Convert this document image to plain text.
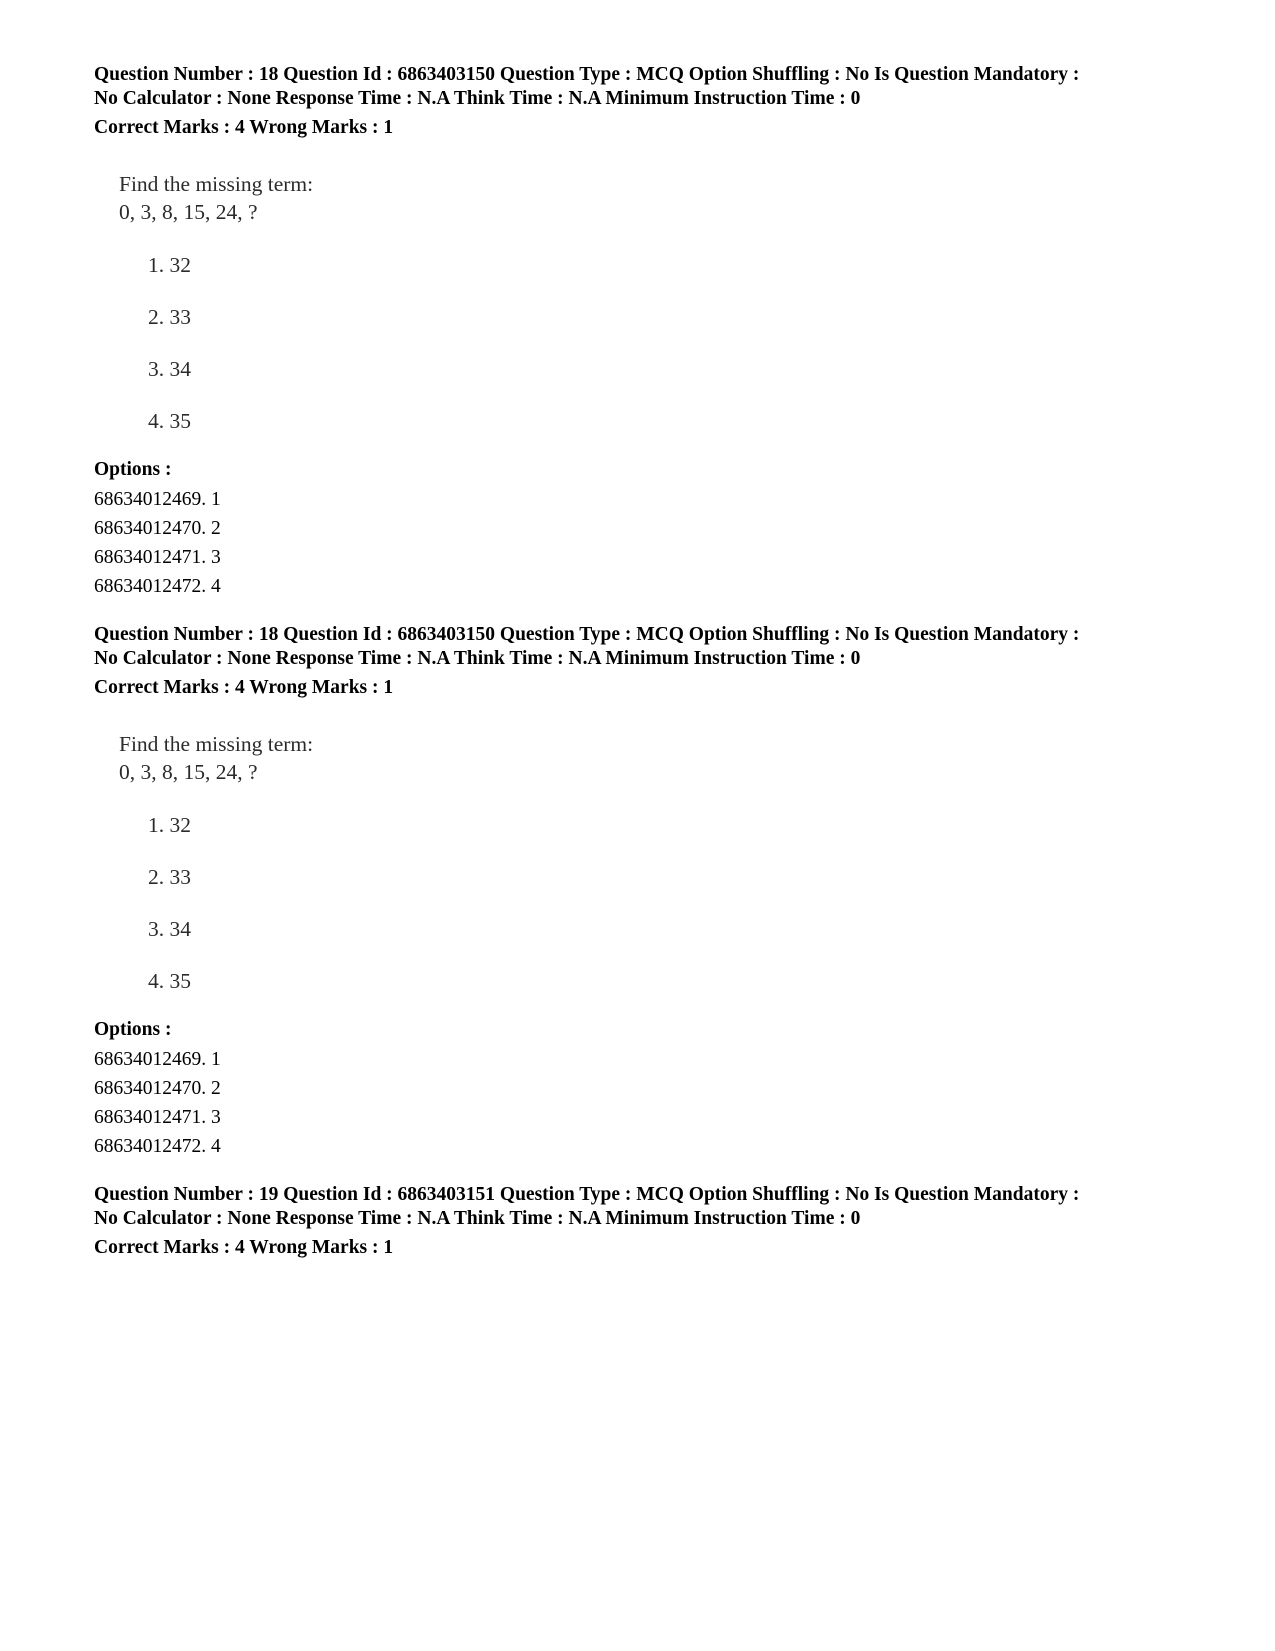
Question Number : 18 Question Id : 6863403150 Question Type : MCQ Option Shuffling : No Is Question Mandatory :

No Calculator : None Response Time : N.A Think Time : N.A Minimum Instruction Time : 0

Correct Marks : 4 Wrong Marks : 1

Find the missing term:

0, 3, 8, 15, 24, ?

1. 32
2. 33
3. 34
4. 35
Options :
68634012469. 1
68634012470. 2
68634012471. 3
68634012472. 4

Question Number : 18 Question Id : 6863403150 Question Type : MCQ Option Shuffling : No Is Question Mandatory :

No Calculator : None Response Time : N.A Think Time : N.A Minimum Instruction Time : 0

Correct Marks : 4 Wrong Marks : 1

Find the missing term:

0, 3, 8, 15, 24, ?

1. 32
2. 33
3. 34
4. 35
Options :
68634012469. 1
68634012470. 2
68634012471. 3
68634012472. 4

Question Number : 19 Question Id : 6863403151 Question Type : MCQ Option Shuffling : No Is Question Mandatory :

No Calculator : None Response Time : N.A Think Time : N.A Minimum Instruction Time : 0

Correct Marks : 4 Wrong Marks : 1
